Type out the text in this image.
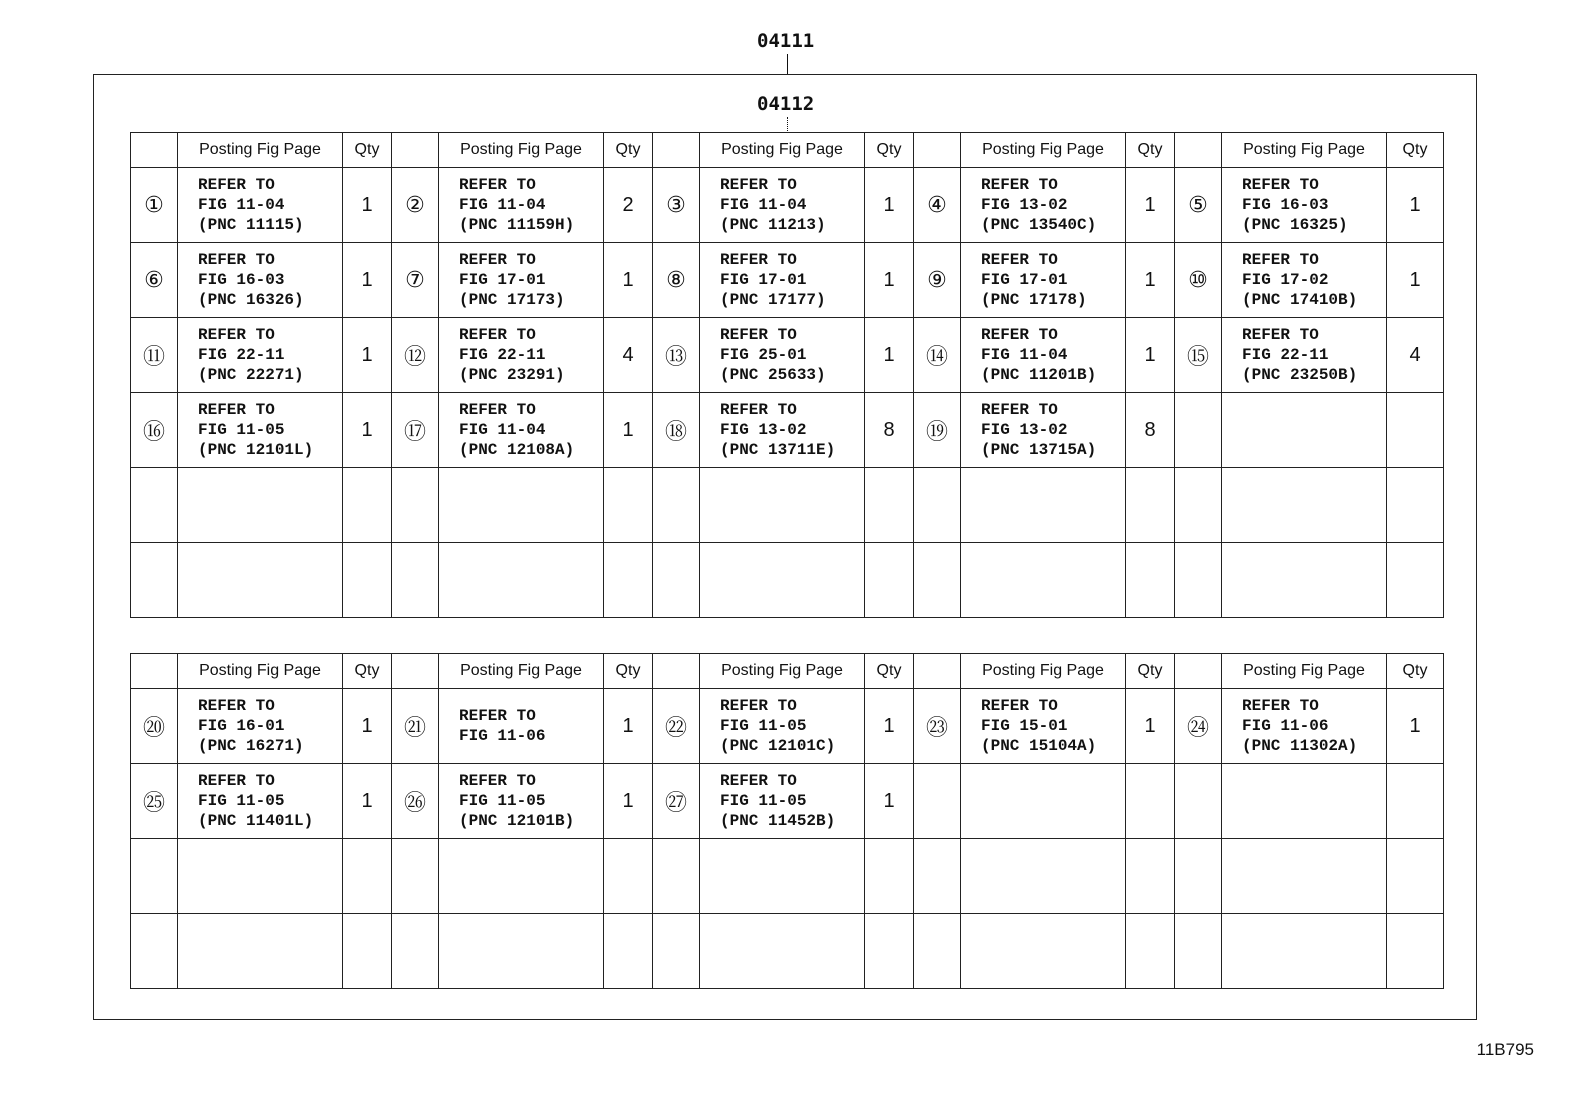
04111
04112
	Posting Fig Page	Qty		Posting Fig Page	Qty		Posting Fig Page	Qty		Posting Fig Page	Qty		Posting Fig Page	Qty
①	REFER TO
FIG 11-04
(PNC 11115)	1	②	REFER TO
FIG 11-04
(PNC 11159H)	2	③	REFER TO
FIG 11-04
(PNC 11213)	1	④	REFER TO
FIG 13-02
(PNC 13540C)	1	⑤	REFER TO
FIG 16-03
(PNC 16325)	1
⑥	REFER TO
FIG 16-03
(PNC 16326)	1	⑦	REFER TO
FIG 17-01
(PNC 17173)	1	⑧	REFER TO
FIG 17-01
(PNC 17177)	1	⑨	REFER TO
FIG 17-01
(PNC 17178)	1	⑩	REFER TO
FIG 17-02
(PNC 17410B)	1
⑪	REFER TO
FIG 22-11
(PNC 22271)	1	⑫	REFER TO
FIG 22-11
(PNC 23291)	4	⑬	REFER TO
FIG 25-01
(PNC 25633)	1	⑭	REFER TO
FIG 11-04
(PNC 11201B)	1	⑮	REFER TO
FIG 22-11
(PNC 23250B)	4
⑯	REFER TO
FIG 11-05
(PNC 12101L)	1	⑰	REFER TO
FIG 11-04
(PNC 12108A)	1	⑱	REFER TO
FIG 13-02
(PNC 13711E)	8	⑲	REFER TO
FIG 13-02
(PNC 13715A)	8		

	Posting Fig Page	Qty		Posting Fig Page	Qty		Posting Fig Page	Qty		Posting Fig Page	Qty		Posting Fig Page	Qty
⑳	REFER TO
FIG 16-01
(PNC 16271)	1	㉑	REFER TO
FIG 11-06	1	㉒	REFER TO
FIG 11-05
(PNC 12101C)	1	㉓	REFER TO
FIG 15-01
(PNC 15104A)	1	㉔	REFER TO
FIG 11-06
(PNC 11302A)	1
㉕	REFER TO
FIG 11-05
(PNC 11401L)	1	㉖	REFER TO
FIG 11-05
(PNC 12101B)	1	㉗	REFER TO
FIG 11-05
(PNC 11452B)	1		

11B795
